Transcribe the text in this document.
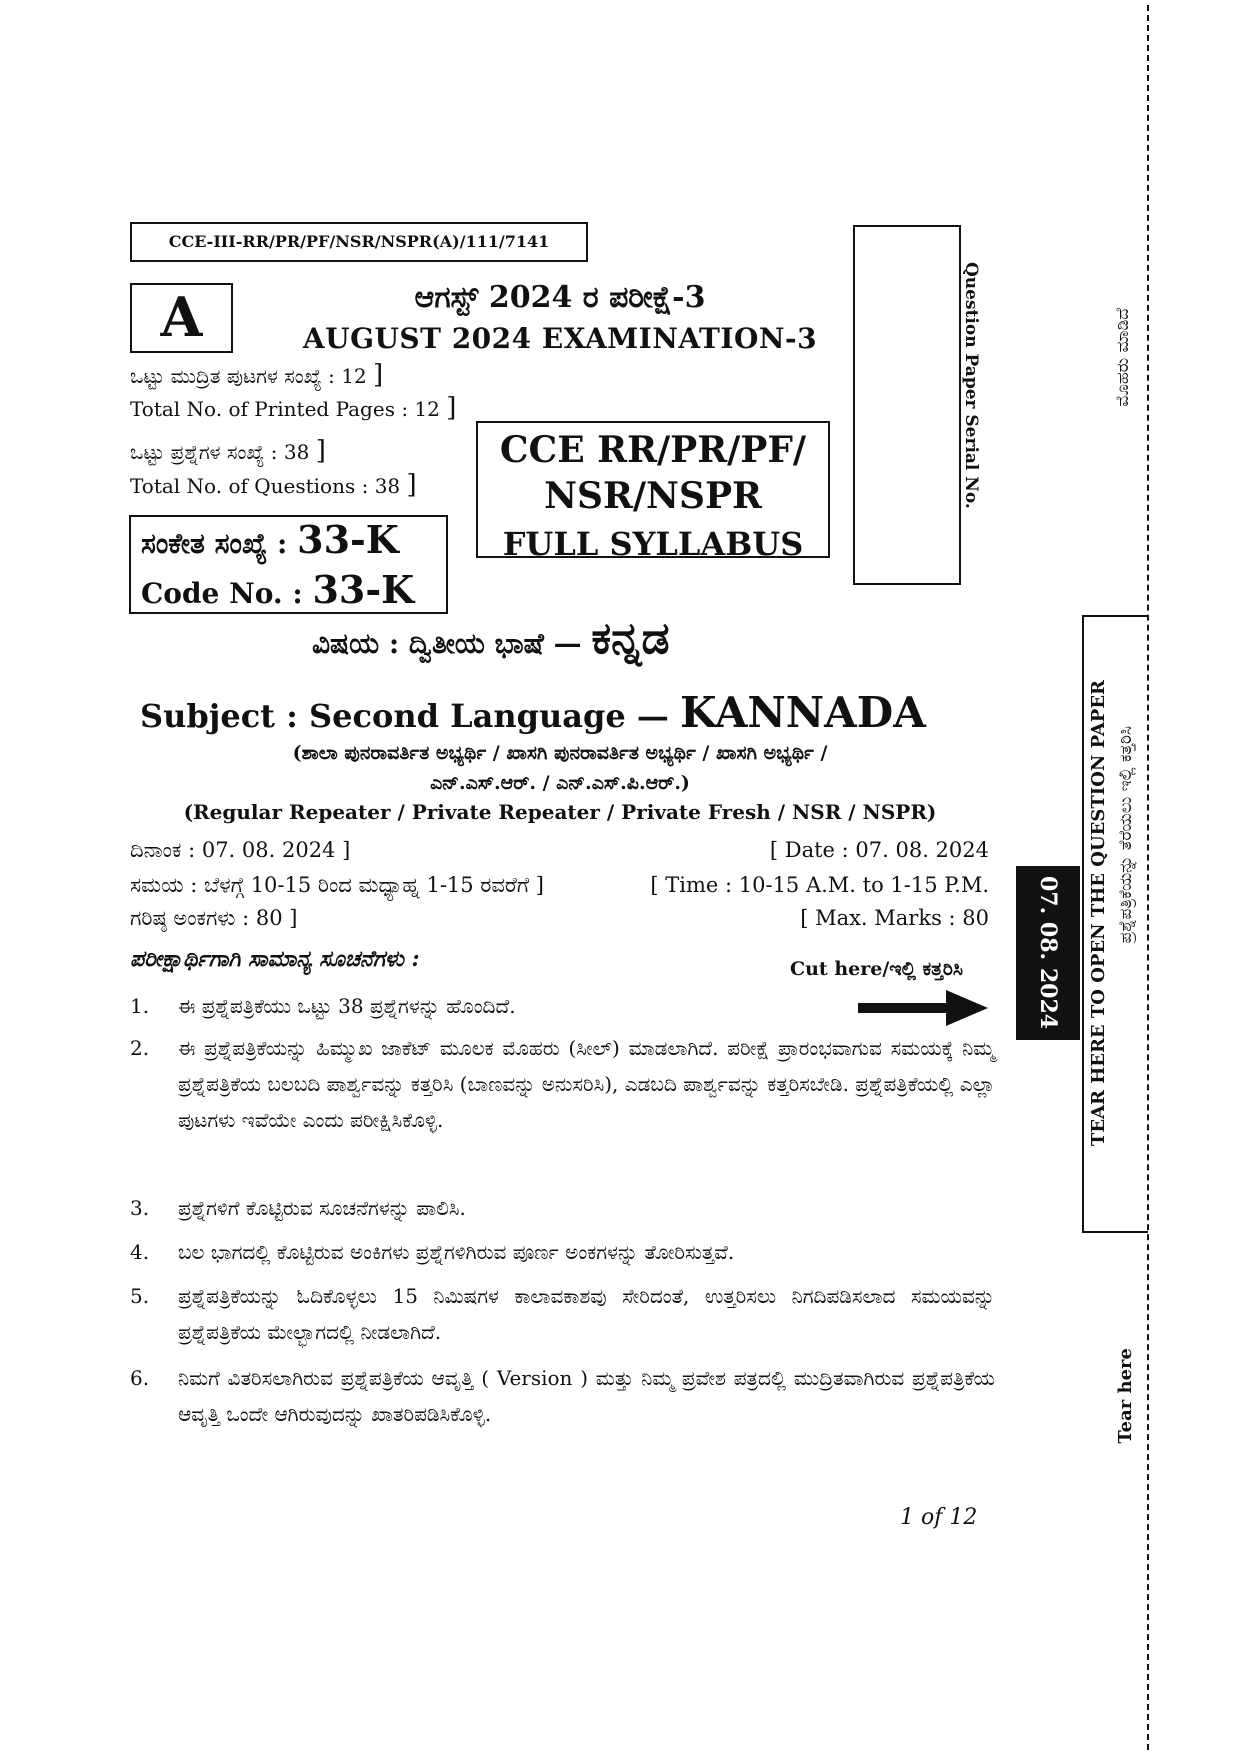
CCE-III-RR/PR/PF/NSR/NSPR(A)/111/7141
A	ಆಗಸ್ಟ್ 2024 ರ ಪರೀಕ್ಷೆ-3
AUGUST 2024 EXAMINATION-3	Question Paper Serial No.
ಒಟ್ಟು ಮುದ್ರಿತ ಪುಟಗಳ ಸಂಖ್ಯೆ : 12 ]
Total No. of Printed Pages : 12 ]
ಒಟ್ಟು ಪ್ರಶ್ನೆಗಳ ಸಂಖ್ಯೆ : 38 ]
Total No. of Questions : 38 ]
ಸಂಕೇತ ಸಂಖ್ಯೆ : 33-K
Code No. : 33-K
CCE RR/PR/PF/
NSR/NSPR
FULL SYLLABUS
ವಿಷಯ : ದ್ವಿತೀಯ ಭಾಷೆ — ಕನ್ನಡ
Subject : Second Language — KANNADA
(ಶಾಲಾ ಪುನರಾವರ್ತಿತ ಅಭ್ಯರ್ಥಿ / ಖಾಸಗಿ ಪುನರಾವರ್ತಿತ ಅಭ್ಯರ್ಥಿ / ಖಾಸಗಿ ಅಭ್ಯರ್ಥಿ /
ಎನ್.ಎಸ್.ಆರ್. / ಎನ್.ಎಸ್.ಪಿ.ಆರ್.)
(Regular Repeater / Private Repeater / Private Fresh / NSR / NSPR)
ದಿನಾಂಕ : 07. 08. 2024 ]	[ Date : 07. 08. 2024
ಸಮಯ : ಬೆಳಗ್ಗೆ 10-15 ರಿಂದ ಮಧ್ಯಾಹ್ನ 1-15 ರವರೆಗೆ ]	[ Time : 10-15 A.M. to 1-15 P.M.
ಗರಿಷ್ಠ ಅಂಕಗಳು : 80 ]	[ Max. Marks : 80
ಪರೀಕ್ಷಾರ್ಥಿಗಾಗಿ ಸಾಮಾನ್ಯ ಸೂಚನೆಗಳು :	Cut here/ಇಲ್ಲಿ ಕತ್ತರಿಸಿ
1. ಈ ಪ್ರಶ್ನೆಪತ್ರಿಕೆಯು ಒಟ್ಟು 38 ಪ್ರಶ್ನೆಗಳನ್ನು ಹೊಂದಿದೆ.
2. ಈ ಪ್ರಶ್ನೆಪತ್ರಿಕೆಯನ್ನು ಹಿಮ್ಮುಖ ಜಾಕೆಟ್ ಮೂಲಕ ಮೊಹರು (ಸೀಲ್) ಮಾಡಲಾಗಿದೆ. ಪರೀಕ್ಷೆ ಪ್ರಾರಂಭವಾಗುವ ಸಮಯಕ್ಕೆ ನಿಮ್ಮ ಪ್ರಶ್ನೆಪತ್ರಿಕೆಯ ಬಲಬದಿ ಪಾರ್ಶ್ವವನ್ನು ಕತ್ತರಿಸಿ (ಬಾಣವನ್ನು ಅನುಸರಿಸಿ), ಎಡಬದಿ ಪಾರ್ಶ್ವವನ್ನು ಕತ್ತರಿಸಬೇಡಿ. ಪ್ರಶ್ನೆಪತ್ರಿಕೆಯಲ್ಲಿ ಎಲ್ಲಾ ಪುಟಗಳು ಇವೆಯೇ ಎಂದು ಪರೀಕ್ಷಿಸಿಕೊಳ್ಳಿ.
3. ಪ್ರಶ್ನೆಗಳಿಗೆ ಕೊಟ್ಟಿರುವ ಸೂಚನೆಗಳನ್ನು ಪಾಲಿಸಿ.
4. ಬಲ ಭಾಗದಲ್ಲಿ ಕೊಟ್ಟಿರುವ ಅಂಕಿಗಳು ಪ್ರಶ್ನೆಗಳಿಗಿರುವ ಪೂರ್ಣ ಅಂಕಗಳನ್ನು ತೋರಿಸುತ್ತವೆ.
5. ಪ್ರಶ್ನೆಪತ್ರಿಕೆಯನ್ನು ಓದಿಕೊಳ್ಳಲು 15 ನಿಮಿಷಗಳ ಕಾಲಾವಕಾಶವು ಸೇರಿದಂತೆ, ಉತ್ತರಿಸಲು ನಿಗದಿಪಡಿಸಲಾದ ಸಮಯವನ್ನು ಪ್ರಶ್ನೆಪತ್ರಿಕೆಯ ಮೇಲ್ಭಾಗದಲ್ಲಿ ನೀಡಲಾಗಿದೆ.
6. ನಿಮಗೆ ವಿತರಿಸಲಾಗಿರುವ ಪ್ರಶ್ನೆಪತ್ರಿಕೆಯ ಆವೃತ್ತಿ ( Version ) ಮತ್ತು ನಿಮ್ಮ ಪ್ರವೇಶ ಪತ್ರದಲ್ಲಿ ಮುದ್ರಿತವಾಗಿರುವ ಪ್ರಶ್ನೆಪತ್ರಿಕೆಯ ಆವೃತ್ತಿ ಒಂದೇ ಆಗಿರುವುದನ್ನು ಖಾತರಿಪಡಿಸಿಕೊಳ್ಳಿ.
1 of 12
TEAR HERE TO OPEN THE QUESTION PAPER ಪ್ರಶ್ನೆಪತ್ರಿಕೆಯನ್ನು ತೆರೆಯಲು ಇಲ್ಲಿ ಕತ್ತರಿಸಿ
07. 08. 2024
Tear here
ಮೊಹರು ಮಾಡಿದೆ
